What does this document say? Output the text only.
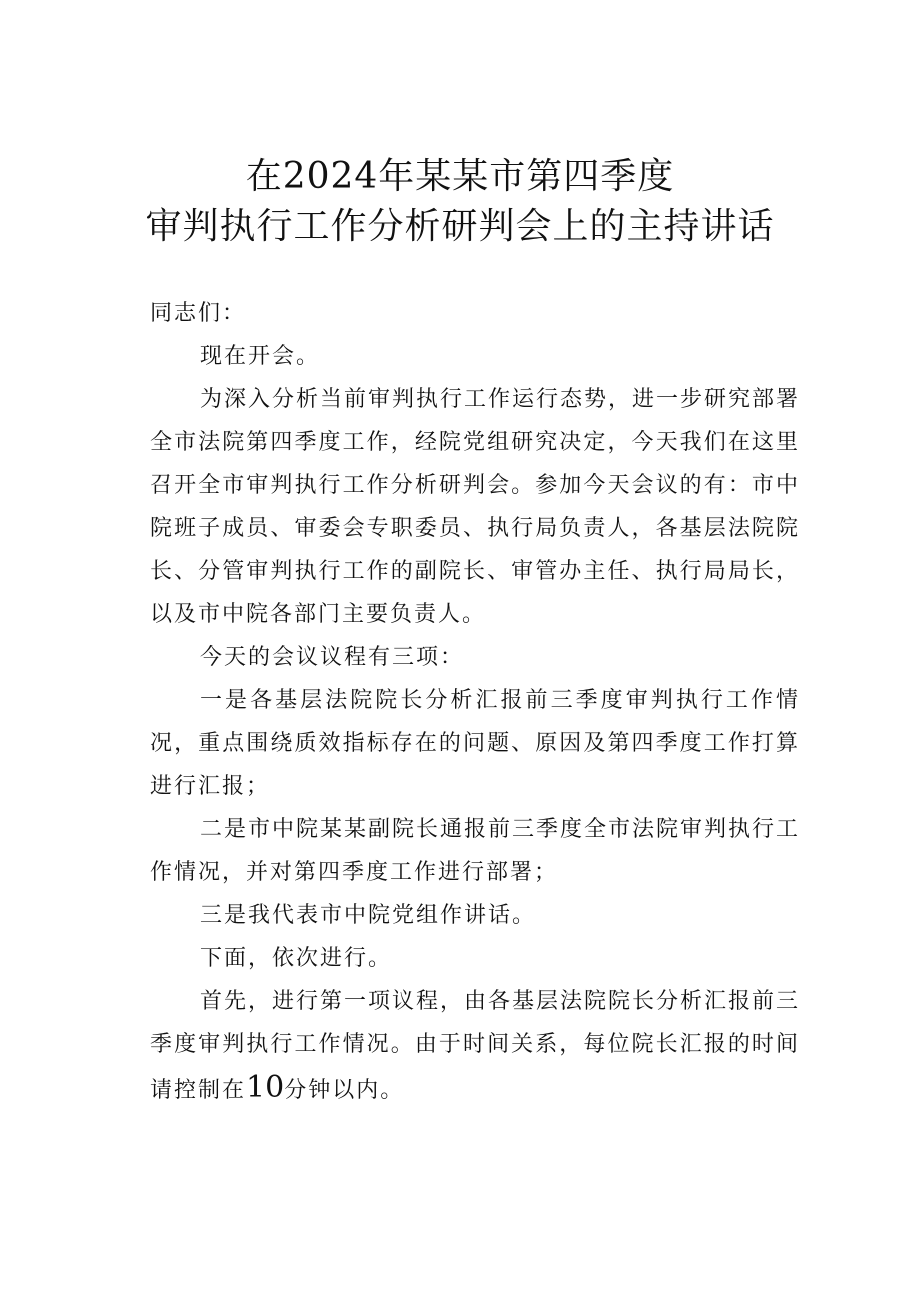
在2024年某某市第四季度
审判执行工作分析研判会上的主持讲话

同志们：

现在开会。

为深入分析当前审判执行工作运行态势，进一步研究部署全市法院第四季度工作，经院党组研究决定，今天我们在这里召开全市审判执行工作分析研判会。参加今天会议的有：市中院班子成员、审委会专职委员、执行局负责人，各基层法院院长、分管审判执行工作的副院长、审管办主任、执行局局长，以及市中院各部门主要负责人。

今天的会议议程有三项：

一是各基层法院院长分析汇报前三季度审判执行工作情况，重点围绕质效指标存在的问题、原因及第四季度工作打算进行汇报；

二是市中院某某副院长通报前三季度全市法院审判执行工作情况，并对第四季度工作进行部署；

三是我代表市中院党组作讲话。

下面，依次进行。

首先，进行第一项议程，由各基层法院院长分析汇报前三季度审判执行工作情况。由于时间关系，每位院长汇报的时间请控制在10分钟以内。
